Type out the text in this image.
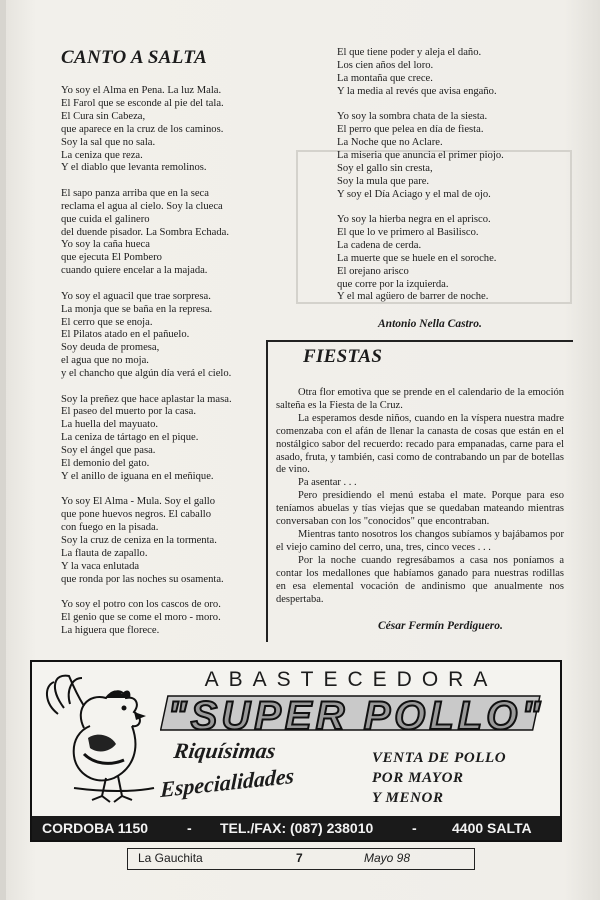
CANTO A SALTA
Yo soy el Alma en Pena. La luz Mala.
El Farol que se esconde al pie del tala.
El Cura sin Cabeza,
que aparece en la cruz de los caminos.
Soy la sal que no sala.
La ceniza que reza.
Y el diablo que levanta remolinos.
El sapo panza arriba que en la seca
reclama el agua al cielo. Soy la clueca
que cuida el galinero
del duende pisador. La Sombra Echada.
Yo soy la caña hueca
que ejecuta El Pombero
cuando quiere encelar a la majada.
Yo soy el aguacil que trae sorpresa.
La monja que se baña en la represa.
El cerro que se enoja.
El Pilatos atado en el pañuelo.
Soy deuda de promesa,
el agua que no moja.
y el chancho que algún día verá el cielo.
Soy la preñez que hace aplastar la masa.
El paseo del muerto por la casa.
La huella del mayuato.
La ceniza de tártago en el pique.
Soy el ángel que pasa.
El demonio del gato.
Y el anillo de iguana en el meñique.
Yo soy El Alma - Mula. Soy el gallo
que pone huevos negros. El caballo
con fuego en la pisada.
Soy la cruz de ceniza en la tormenta.
La flauta de zapallo.
Y la vaca enlutada
que ronda por las noches su osamenta.
Yo soy el potro con los cascos de oro.
El genio que se come el moro - moro.
La higuera que florece.
El que tiene poder y aleja el daño.
Los cien años del loro.
La montaña que crece.
Y la media al revés que avisa engaño.
Yo soy la sombra chata de la siesta.
El perro que pelea en día de fiesta.
La Noche que no Aclare.
La miseria que anuncia el primer piojo.
Soy el gallo sin cresta,
Soy la mula que pare.
Y soy el Día Aciago y el mal de ojo.
Yo soy la hierba negra en el aprisco.
El que lo ve primero al Basilisco.
La cadena de cerda.
La muerte que se huele en el soroche.
El orejano arisco
que corre por la izquierda.
Y el mal agüero de barrer de noche.
Antonio Nella Castro.
FIESTAS

Otra flor emotiva que se prende en el calendario de la emoción salteña es la Fiesta de la Cruz.

La esperamos desde niños, cuando en la víspera nuestra madre comenzaba con el afán de llenar la canasta de cosas que están en el nostálgico sabor del recuerdo: recado para empanadas, carne para el asado, fruta, y también, casi como de contrabando un par de botellas de vino.

Pa asentar . . .

Pero presidiendo el menú estaba el mate. Porque para eso teníamos abuelas y tías viejas que se quedaban mateando mientras conversaban con los "conocidos" que encontraban.

Mientras tanto nosotros los changos subíamos y bajábamos por el viejo camino del cerro, una, tres, cinco veces . . .

Por la noche cuando regresábamos a casa nos poníamos a contar los medallones que habíamos ganado para nuestras rodillas en esa elemental vocación de andinismo que anualmente nos despertaba.

César Fermín Perdiguero.
ABASTECEDORA
"SUPER POLLO"
Riquísimas
Especialidades
VENTA DE POLLO
POR MAYOR
Y MENOR
CORDOBA 1150	- TEL./FAX: (087) 238010	-	4400 SALTA
La Gauchita	7	Mayo 98
